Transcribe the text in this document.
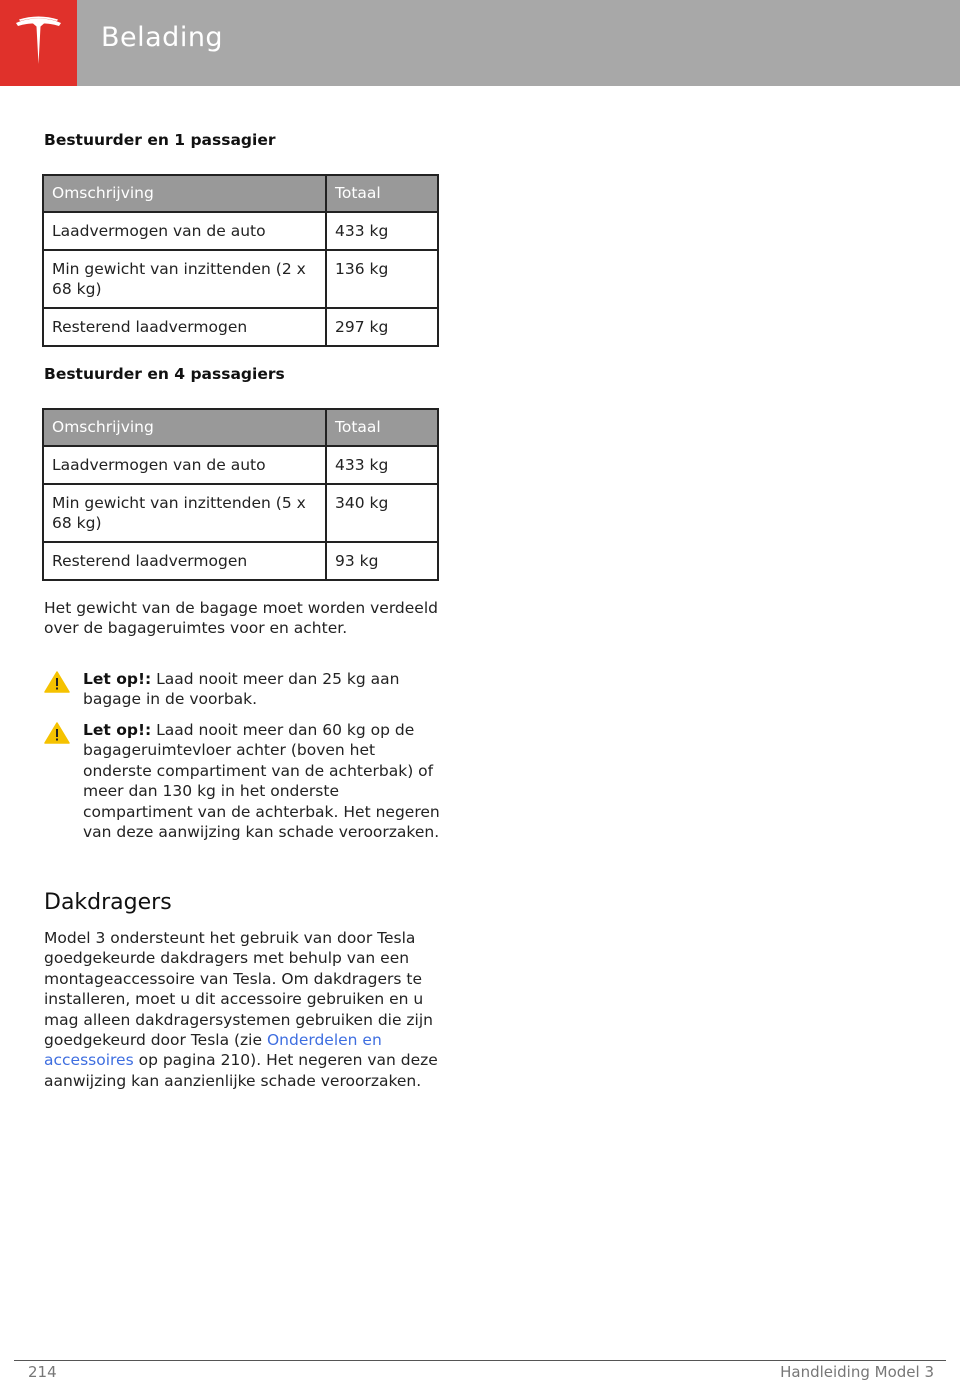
Belading
Bestuurder en 1 passagier
Omschrijving	Totaal
Laadvermogen van de auto	433 kg
Min gewicht van inzittenden (2 x 68 kg)	136 kg
Resterend laadvermogen	297 kg
Bestuurder en 4 passagiers
Omschrijving	Totaal
Laadvermogen van de auto	433 kg
Min gewicht van inzittenden (5 x 68 kg)	340 kg
Resterend laadvermogen	93 kg
Het gewicht van de bagage moet worden verdeeld over de bagageruimtes voor en achter.
Let op!: Laad nooit meer dan 25 kg aan bagage in de voorbak.
Let op!: Laad nooit meer dan 60 kg op de bagageruimtevloer achter (boven het onderste compartiment van de achterbak) of meer dan 130 kg in het onderste compartiment van de achterbak. Het negeren van deze aanwijzing kan schade veroorzaken.
Dakdragers
Model 3 ondersteunt het gebruik van door Tesla goedgekeurde dakdragers met behulp van een montageaccessoire van Tesla. Om dakdragers te installeren, moet u dit accessoire gebruiken en u mag alleen dakdragersystemen gebruiken die zijn goedgekeurd door Tesla (zie Onderdelen en accessoires op pagina 210). Het negeren van deze aanwijzing kan aanzienlijke schade veroorzaken.
214	Handleiding Model 3
